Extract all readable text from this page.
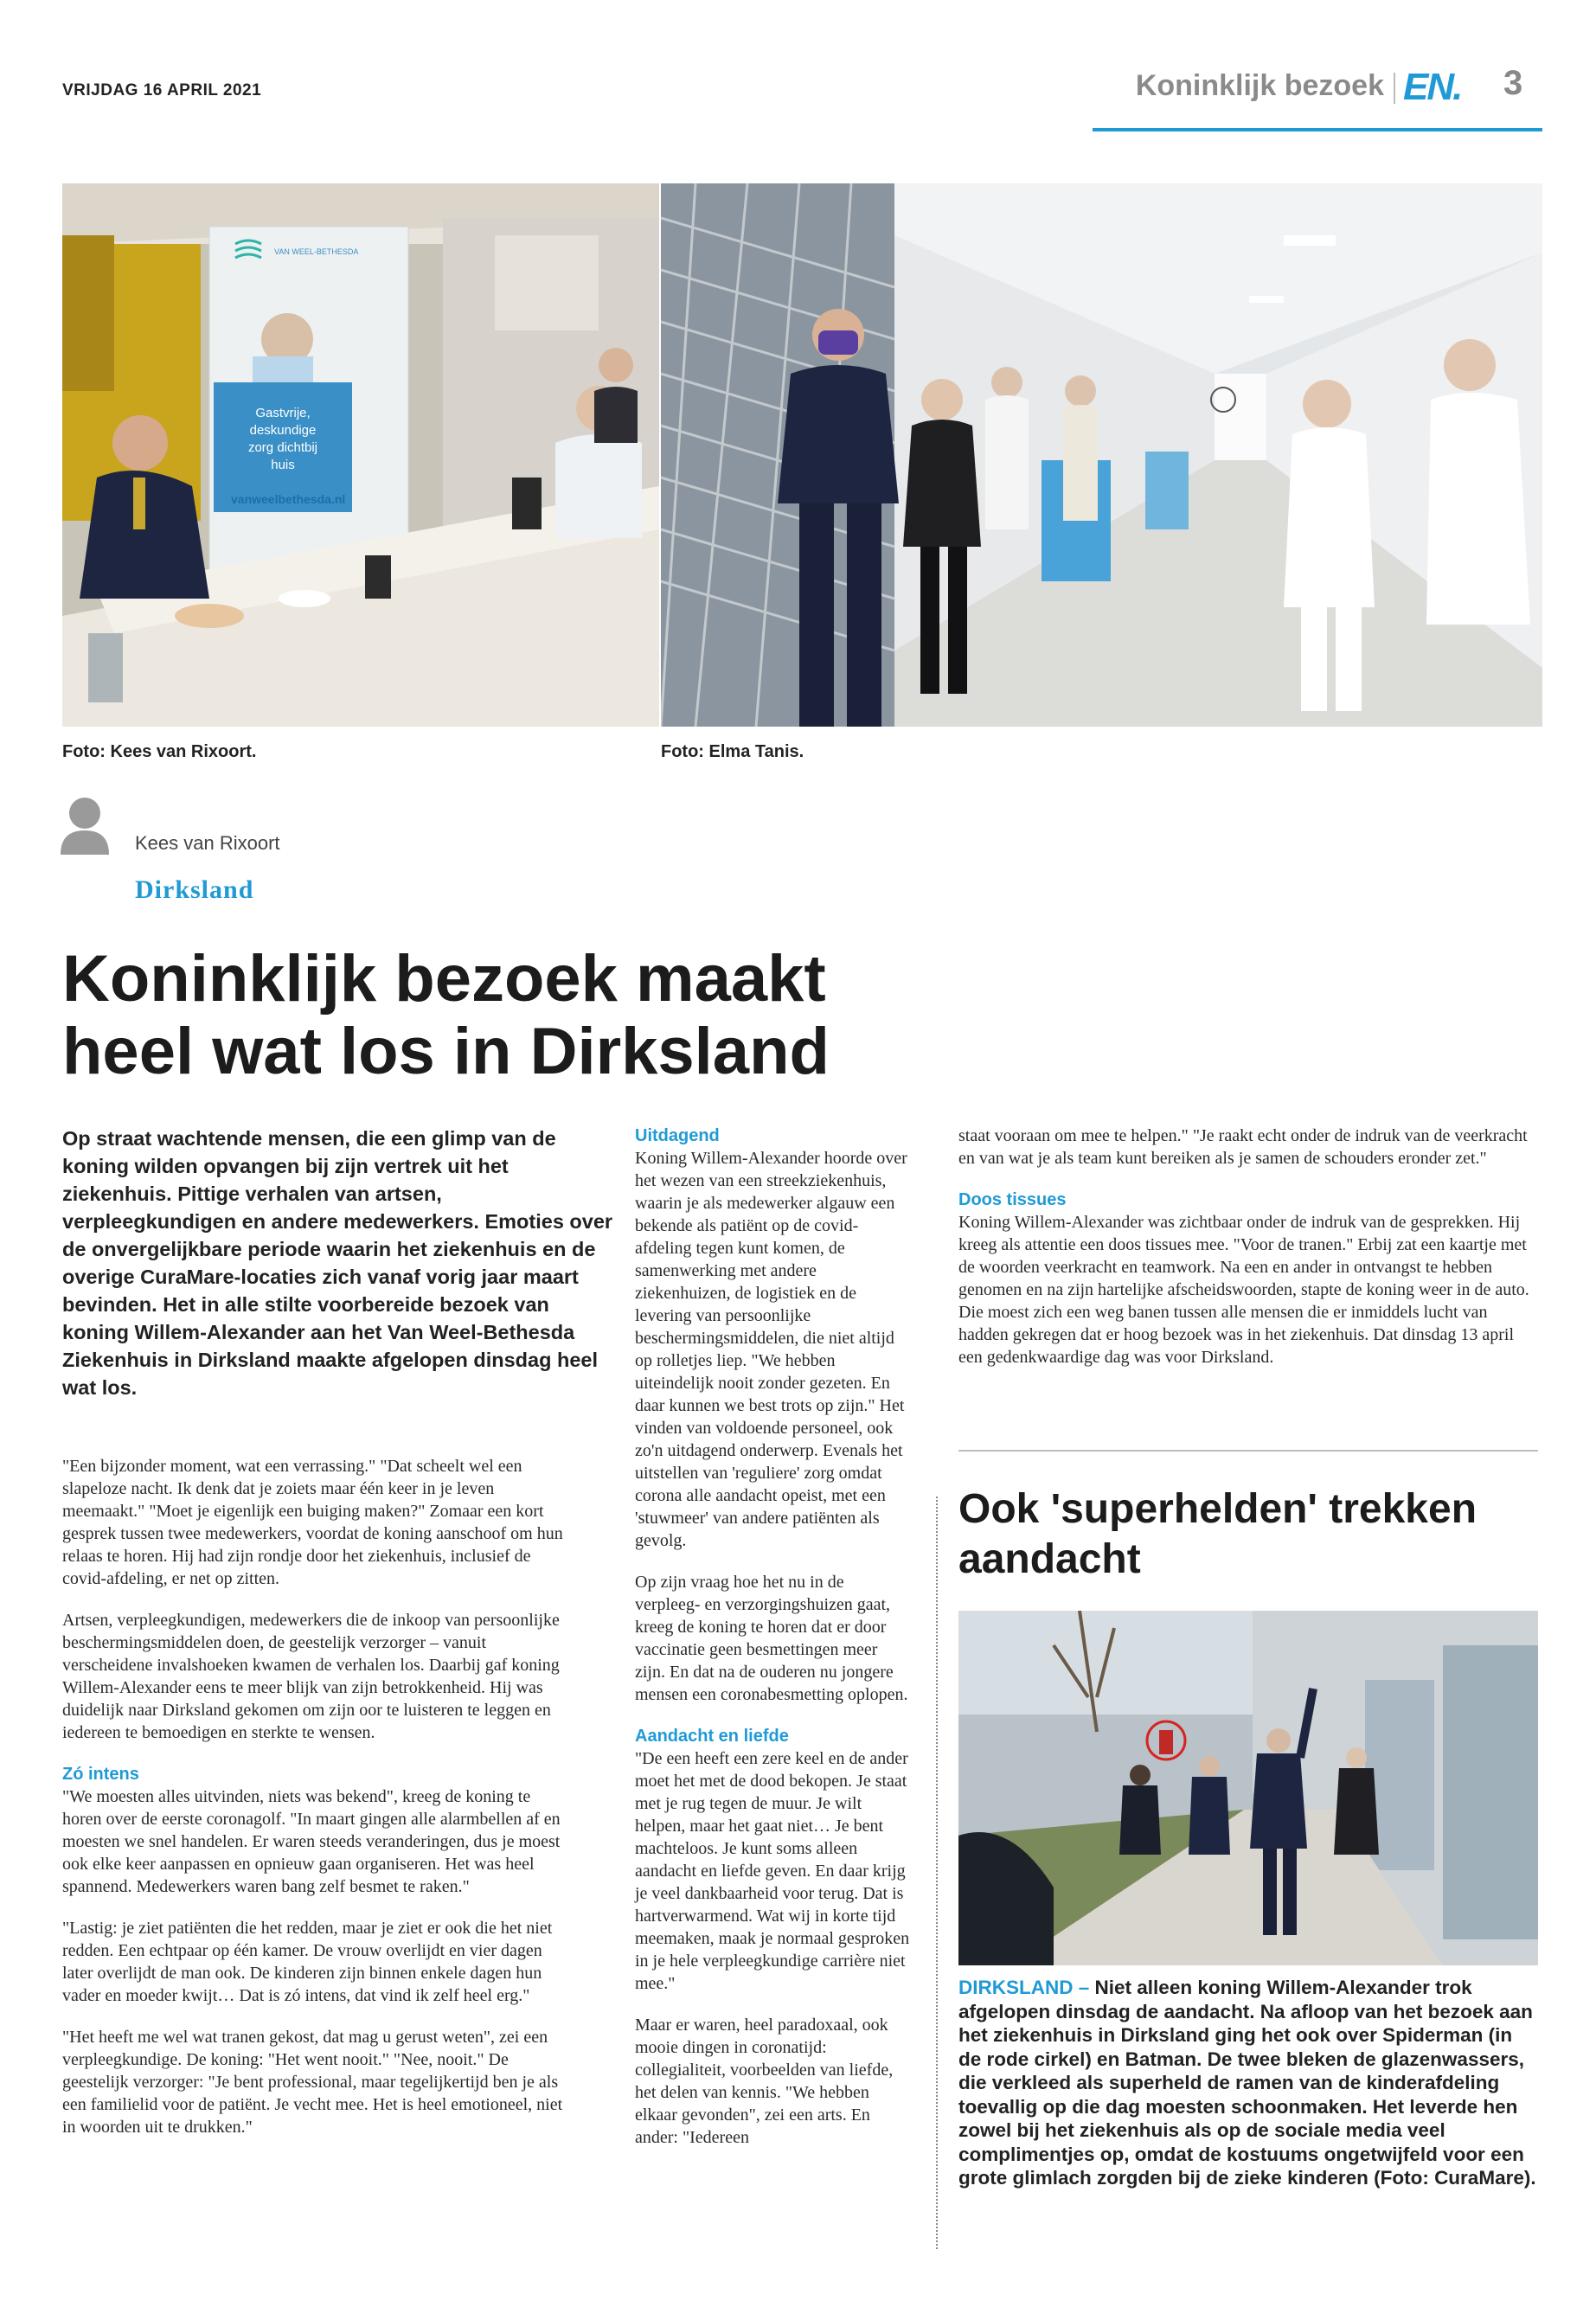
VRIJDAG 16 APRIL 2021	Koninklijk bezoek EN. 3
Gastvrije,
deskundige
zorg dichtbij
huis
VAN WEEL-BETHESDA
vanweelbethesda.nl
Foto: Kees van Rixoort.	Foto: Elma Tanis.
Kees van Rixoort
Dirksland
Koninklijk bezoek maakt heel wat los in Dirksland
Op straat wachtende mensen, die een glimp van de koning wilden opvangen bij zijn vertrek uit het ziekenhuis. Pittige verhalen van artsen, verpleegkundigen en andere medewerkers. Emoties over de onvergelijkbare periode waarin het ziekenhuis en de overige CuraMare-locaties zich vanaf vorig jaar maart bevinden. Het in alle stilte voorbereide bezoek van koning Willem-Alexander aan het Van Weel-Bethesda Ziekenhuis in Dirksland maakte afgelopen dinsdag heel wat los.

"Een bijzonder moment, wat een verrassing." "Dat scheelt wel een slapeloze nacht. Ik denk dat je zoiets maar één keer in je leven meemaakt." "Moet je eigenlijk een buiging maken?" Zomaar een kort gesprek tussen twee medewerkers, voordat de koning aanschoof om hun relaas te horen. Hij had zijn rondje door het ziekenhuis, inclusief de covid-afdeling, er net op zitten.

Artsen, verpleegkundigen, medewerkers die de inkoop van persoonlijke beschermingsmiddelen doen, de geestelijk verzorger – vanuit verscheidene invalshoeken kwamen de verhalen los. Daarbij gaf koning Willem-Alexander eens te meer blijk van zijn betrokkenheid. Hij was duidelijk naar Dirksland gekomen om zijn oor te luisteren te leggen en iedereen te bemoedigen en sterkte te wensen.

Zó intens

"We moesten alles uitvinden, niets was bekend", kreeg de koning te horen over de eerste coronagolf. "In maart gingen alle alarmbellen af en moesten we snel handelen. Er waren steeds veranderingen, dus je moest ook elke keer aanpassen en opnieuw gaan organiseren. Het was heel spannend. Medewerkers waren bang zelf besmet te raken."

"Lastig: je ziet patiënten die het redden, maar je ziet er ook die het niet redden. Een echtpaar op één kamer. De vrouw overlijdt en vier dagen later overlijdt de man ook. De kinderen zijn binnen enkele dagen hun vader en moeder kwijt… Dat is zó intens, dat vind ik zelf heel erg."

"Het heeft me wel wat tranen gekost, dat mag u gerust weten", zei een verpleegkundige. De koning: "Het went nooit." "Nee, nooit." De geestelijk verzorger: "Je bent professional, maar tegelijkertijd ben je als een familielid voor de patiënt. Je vecht mee. Het is heel emotioneel, niet in woorden uit te drukken."

Uitdagend

Koning Willem-Alexander hoorde over het wezen van een streekziekenhuis, waarin je als medewerker algauw een bekende als patiënt op de covid-afdeling tegen kunt komen, de samenwerking met andere ziekenhuizen, de logistiek en de levering van persoonlijke beschermingsmiddelen, die niet altijd op rolletjes liep. "We hebben uiteindelijk nooit zonder gezeten. En daar kunnen we best trots op zijn." Het vinden van voldoende personeel, ook zo'n uitdagend onderwerp. Evenals het uitstellen van 'reguliere' zorg omdat corona alle aandacht opeist, met een 'stuwmeer' van andere patiënten als gevolg.

Op zijn vraag hoe het nu in de verpleeg- en verzorgingshuizen gaat, kreeg de koning te horen dat er door vaccinatie geen besmettingen meer zijn. En dat na de ouderen nu jongere mensen een coronabesmetting oplopen.

Aandacht en liefde

"De een heeft een zere keel en de ander moet het met de dood bekopen. Je staat met je rug tegen de muur. Je wilt helpen, maar het gaat niet… Je bent machteloos. Je kunt soms alleen aandacht en liefde geven. En daar krijg je veel dankbaarheid voor terug. Dat is hartverwarmend. Wat wij in korte tijd meemaken, maak je normaal gesproken in je hele verpleegkundige carrière niet mee."

Maar er waren, heel paradoxaal, ook mooie dingen in coronatijd: collegialiteit, voorbeelden van liefde, het delen van kennis. "We hebben elkaar gevonden", zei een arts. En ander: "Iedereen

staat vooraan om mee te helpen." "Je raakt echt onder de indruk van de veerkracht en van wat je als team kunt bereiken als je samen de schouders eronder zet."

Doos tissues

Koning Willem-Alexander was zichtbaar onder de indruk van de gesprekken. Hij kreeg als attentie een doos tissues mee. "Voor de tranen." Erbij zat een kaartje met de woorden veerkracht en teamwork. Na een en ander in ontvangst te hebben genomen en na zijn hartelijke afscheidswoorden, stapte de koning weer in de auto. Die moest zich een weg banen tussen alle mensen die er inmiddels lucht van hadden gekregen dat er hoog bezoek was in het ziekenhuis. Dat dinsdag 13 april een gedenkwaardige dag was voor Dirksland.

Ook 'superhelden' trekken aandacht
DIRKSLAND – Niet alleen koning Willem-Alexander trok afgelopen dinsdag de aandacht. Na afloop van het bezoek aan het ziekenhuis in Dirksland ging het ook over Spiderman (in de rode cirkel) en Batman. De twee bleken de glazenwassers, die verkleed als superheld de ramen van de kinderafdeling toevallig op die dag moesten schoonmaken. Het leverde hen zowel bij het ziekenhuis als op de sociale media veel complimentjes op, omdat de kostuums ongetwijfeld voor een grote glimlach zorgden bij de zieke kinderen (Foto: CuraMare).
